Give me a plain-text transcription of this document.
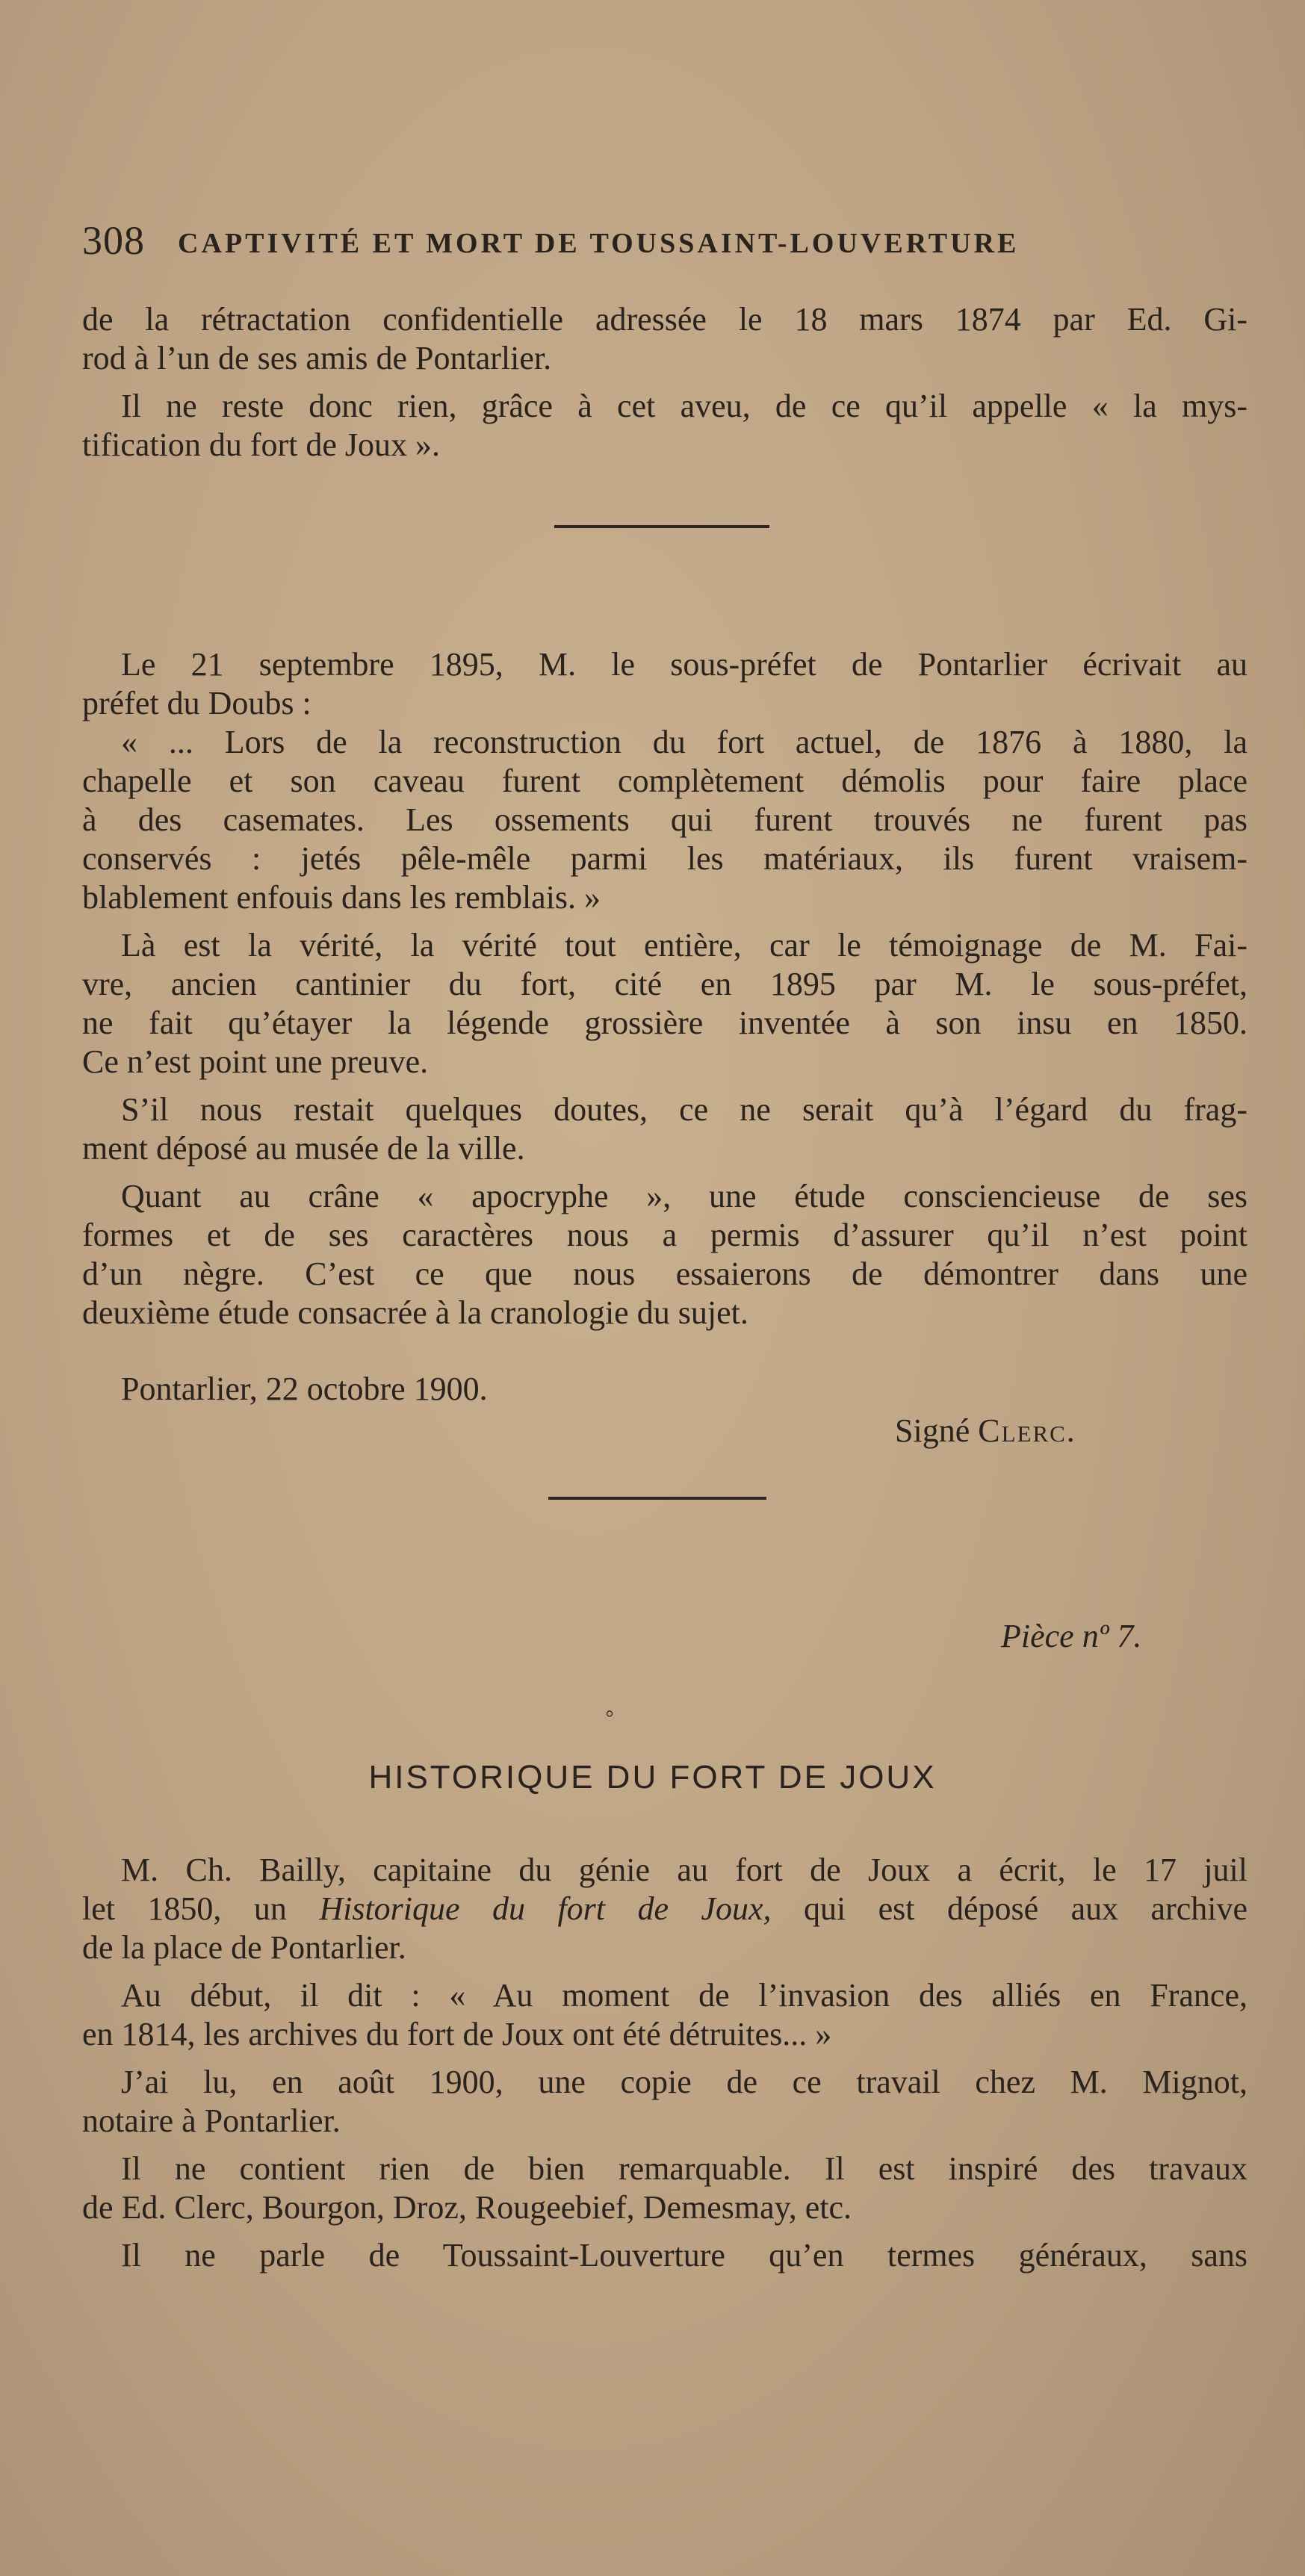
308 CAPTIVITÉ ET MORT DE TOUSSAINT-LOUVERTURE
de la rétractation confidentielle adressée le 18 mars 1874 par Ed. Gi-
rod à l’un de ses amis de Pontarlier.
Il ne reste donc rien, grâce à cet aveu, de ce qu’il appelle « la mys-
tification du fort de Joux ».
Le 21 septembre 1895, M. le sous-préfet de Pontarlier écrivait au
préfet du Doubs :
« ... Lors de la reconstruction du fort actuel, de 1876 à 1880, la
chapelle et son caveau furent complètement démolis pour faire place
à des casemates. Les ossements qui furent trouvés ne furent pas
conservés : jetés pêle-mêle parmi les matériaux, ils furent vraisem-
blablement enfouis dans les remblais. »
Là est la vérité, la vérité tout entière, car le témoignage de M. Fai-
vre, ancien cantinier du fort, cité en 1895 par M. le sous-préfet,
ne fait qu’étayer la légende grossière inventée à son insu en 1850.
Ce n’est point une preuve.
S’il nous restait quelques doutes, ce ne serait qu’à l’égard du frag-
ment déposé au musée de la ville.
Quant au crâne « apocryphe », une étude consciencieuse de ses
formes et de ses caractères nous a permis d’assurer qu’il n’est point
d’un nègre. C’est ce que nous essaierons de démontrer dans une
deuxième étude consacrée à la cranologie du sujet.
Pontarlier, 22 octobre 1900.
Signé Clerc.
Pièce nº 7.
◦
HISTORIQUE DU FORT DE JOUX
M. Ch. Bailly, capitaine du génie au fort de Joux a écrit, le 17 juil
let 1850, un Historique du fort de Joux, qui est déposé aux archive
de la place de Pontarlier.
Au début, il dit : « Au moment de l’invasion des alliés en France,
en 1814, les archives du fort de Joux ont été détruites... »
J’ai lu, en août 1900, une copie de ce travail chez M. Mignot,
notaire à Pontarlier.
Il ne contient rien de bien remarquable. Il est inspiré des travaux
de Ed. Clerc, Bourgon, Droz, Rougeebief, Demesmay, etc.
Il ne parle de Toussaint-Louverture qu’en termes généraux, sans
